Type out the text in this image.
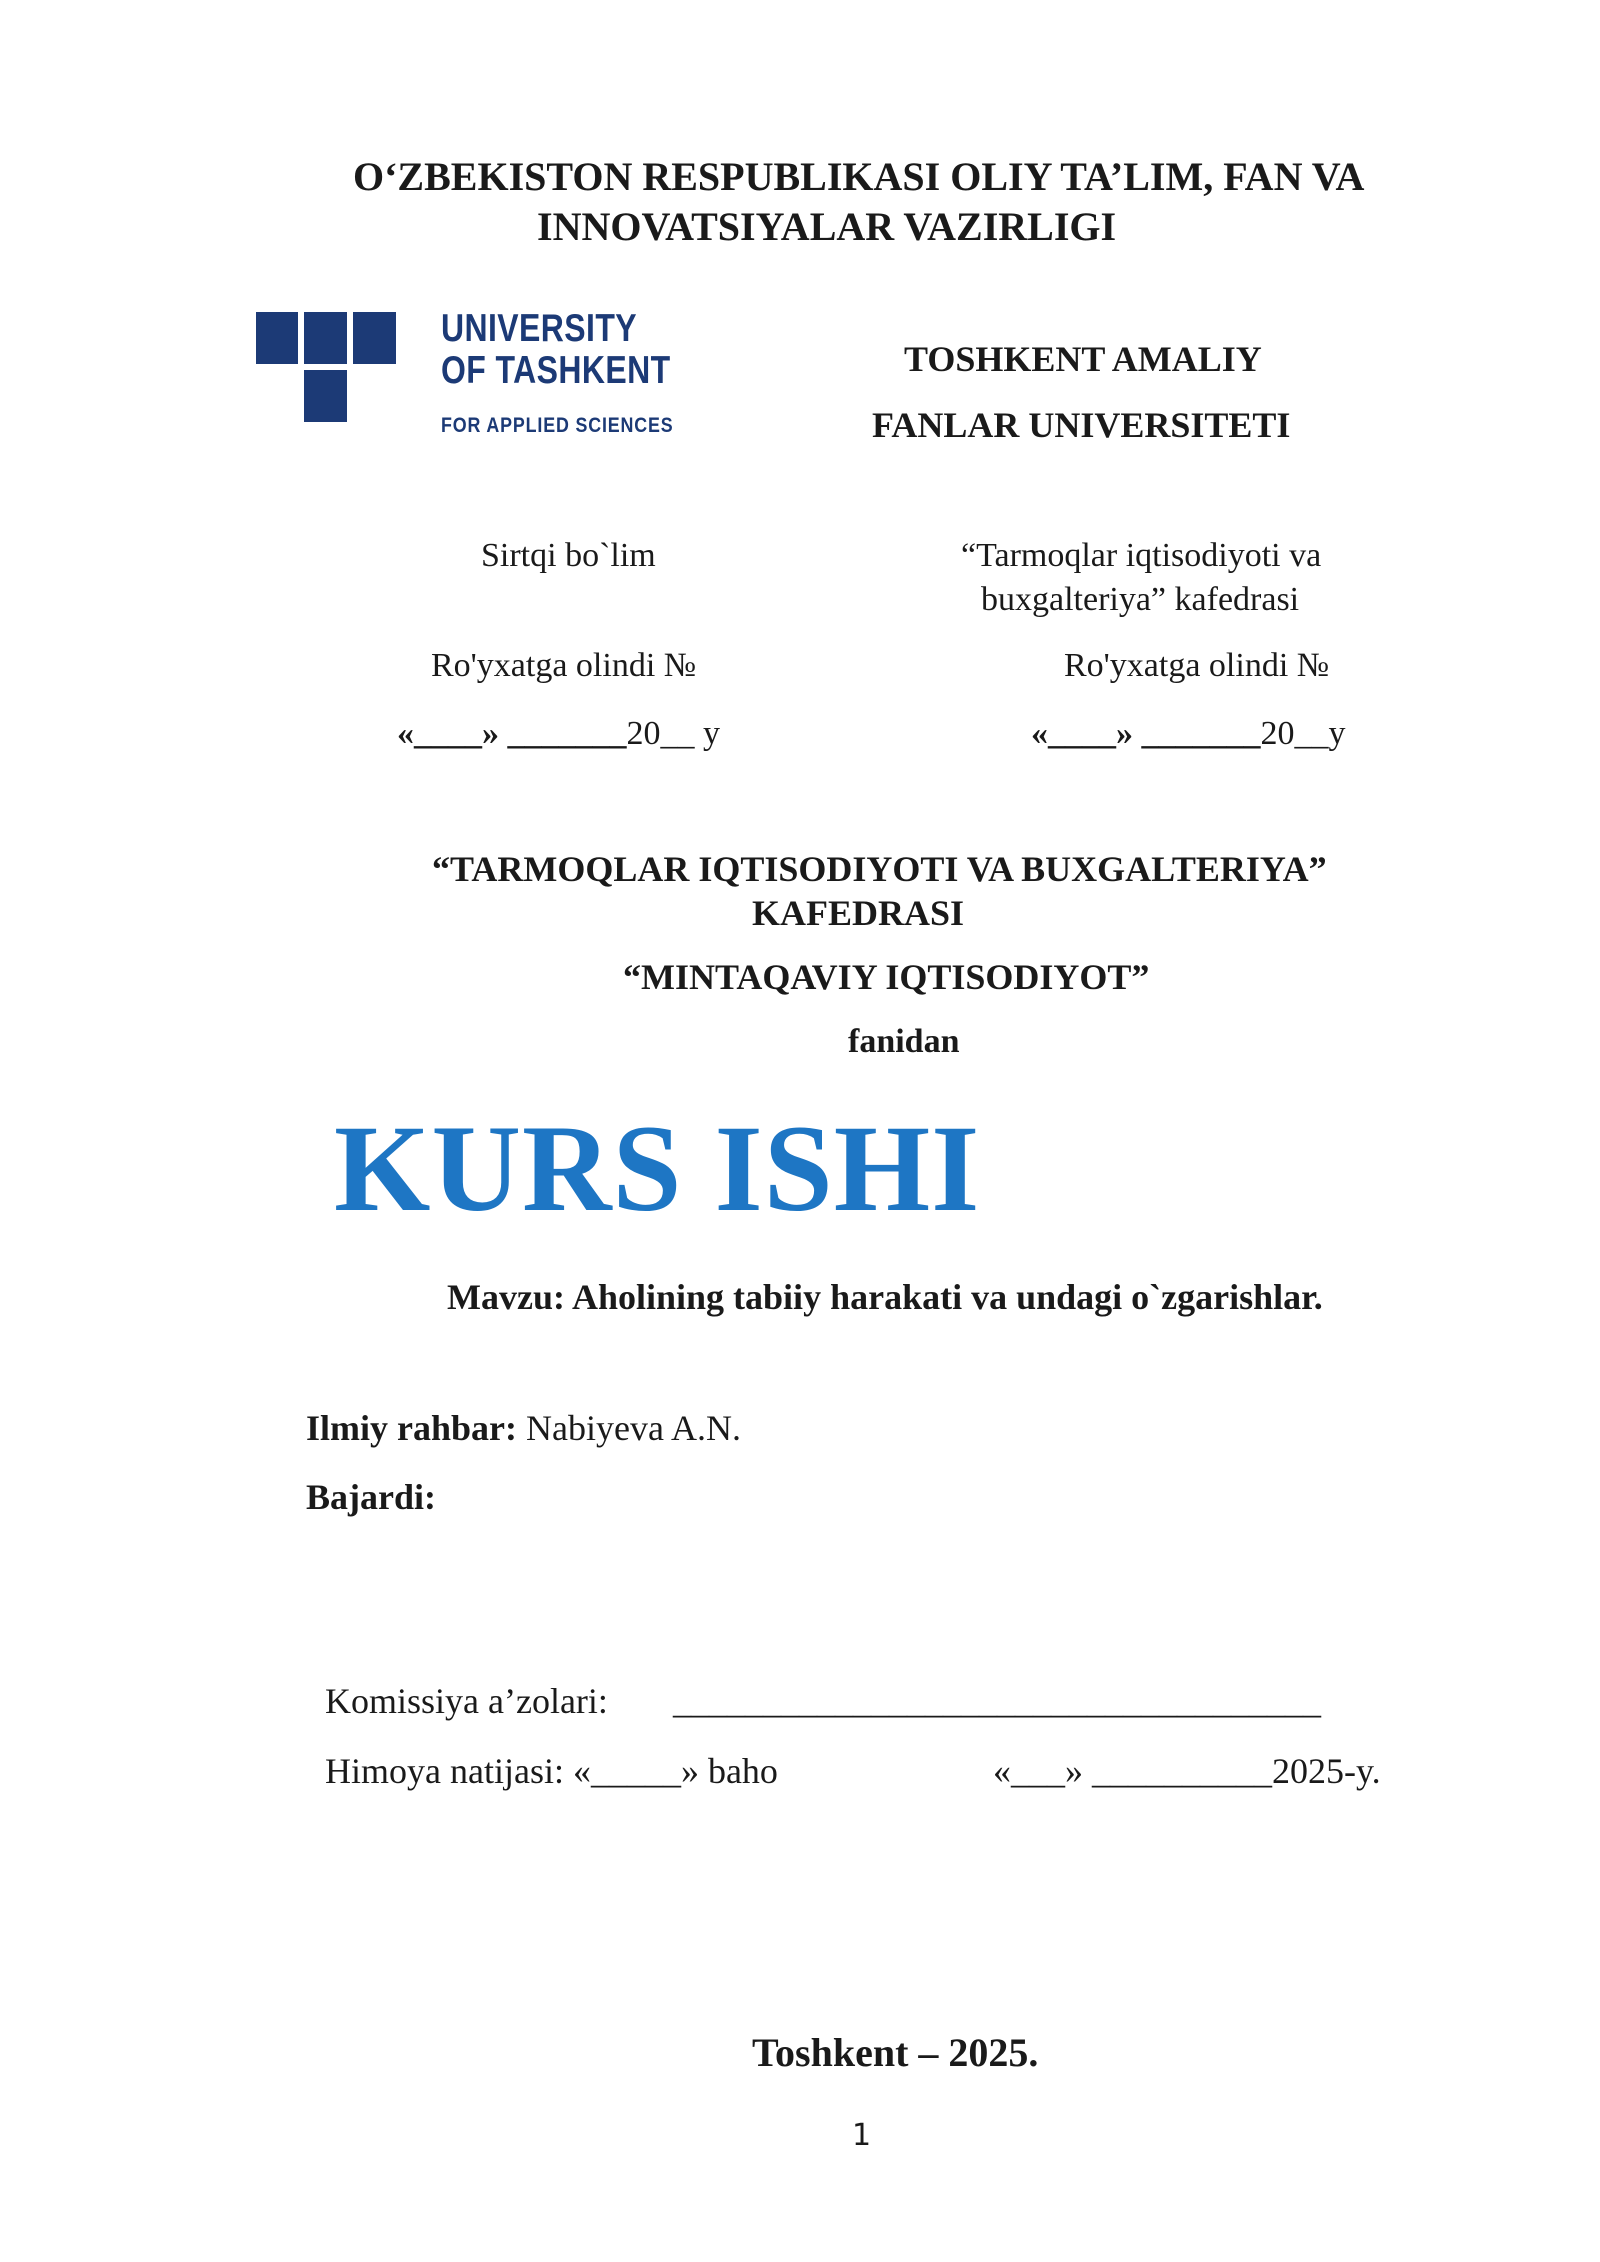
O‘ZBEKISTON RESPUBLIKASI OLIY TA’LIM, FAN VA
INNOVATSIYALAR VAZIRLIGI
UNIVERSITY
OF TASHKENT
FOR APPLIED SCIENCES
TOSHKENT AMALIY
FANLAR UNIVERSITETI
Sirtqi bo`lim
Ro'yxatga olindi №
«____» _______20__ y
“Tarmoqlar iqtisodiyoti va
buxgalteriya” kafedrasi
Ro'yxatga olindi №
«____» _______20__y
“TARMOQLAR IQTISODIYOTI VA BUXGALTERIYA”
KAFEDRASI
“MINTAQAVIY IQTISODIYOT”
fanidan
KURS ISHI
Mavzu: Aholining tabiiy harakati va undagi o`zgarishlar.
Ilmiy rahbar: Nabiyeva A.N.
Bajardi:
Komissiya a’zolari: ____________________________________
Himoya natijasi: «_____» baho	«___» __________2025-y.
Toshkent – 2025.
1
